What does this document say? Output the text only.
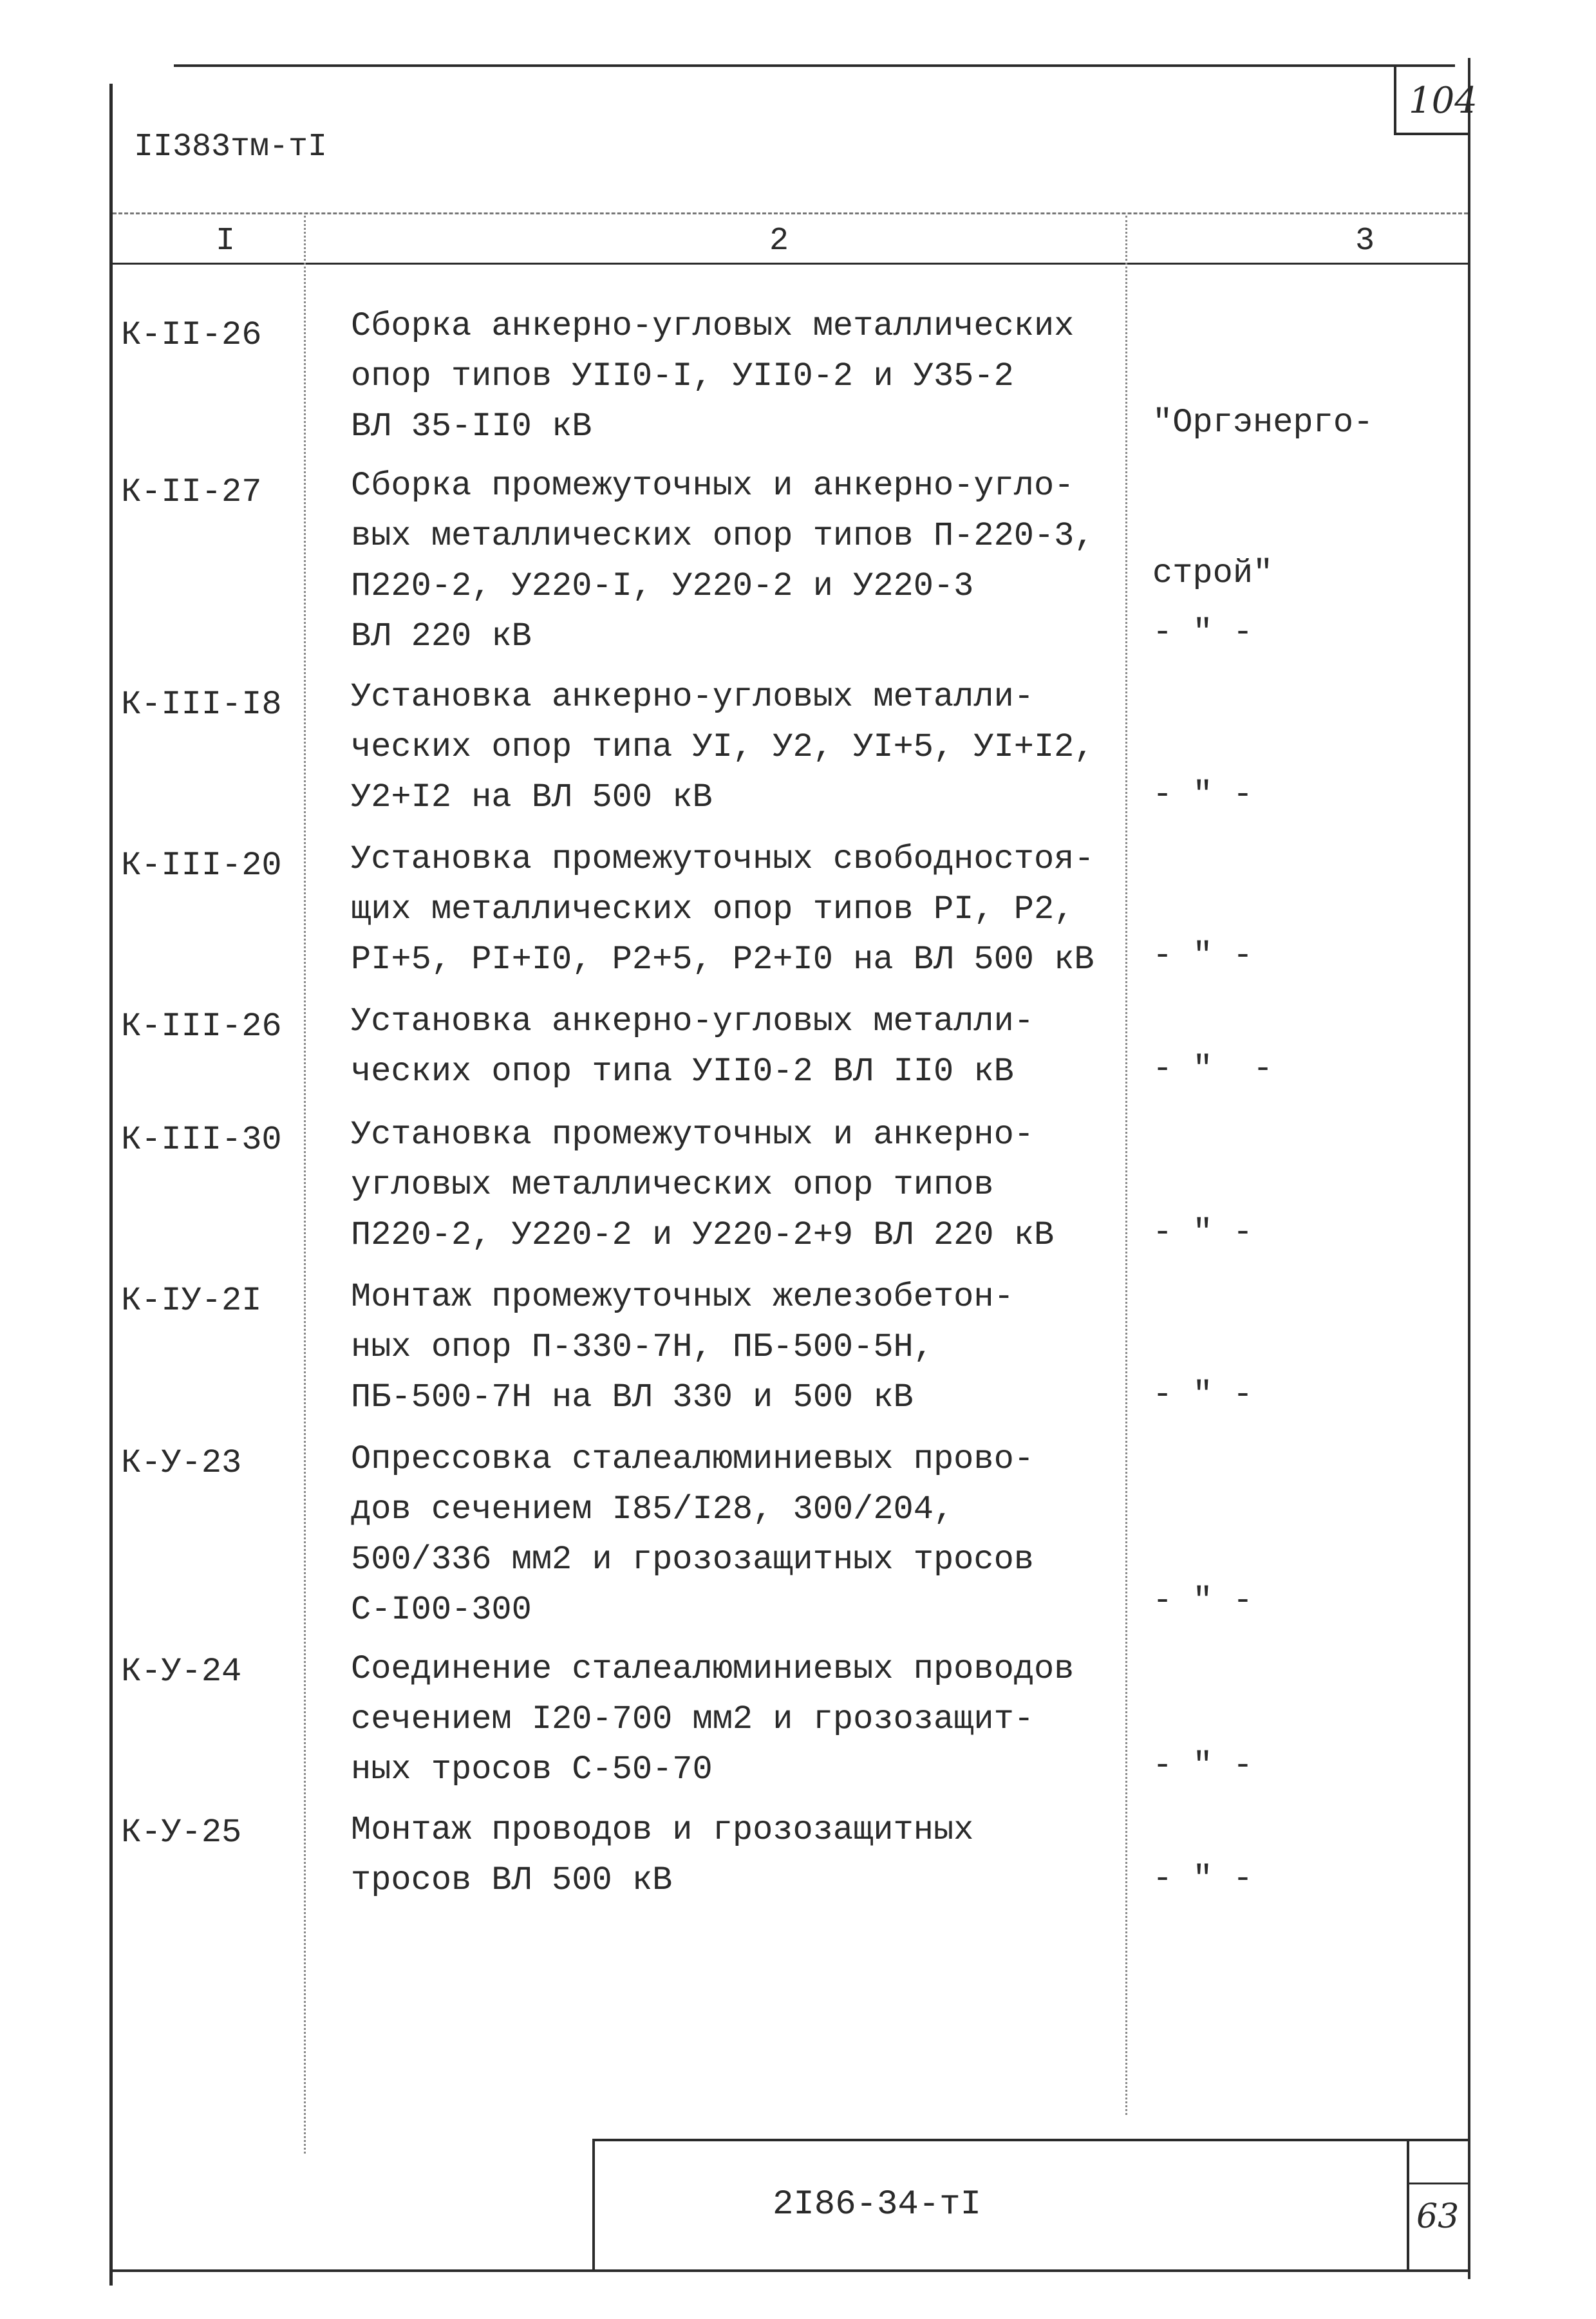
104
II383тм-тI
I	2	3
К-II-26	Сборка анкерно-угловых металлических
опор типов УII0-I, УII0-2 и У35-2
ВЛ 35-II0 кВ

	"Оргэнерго-

строй"

К-II-27	Сборка промежуточных и анкерно-угло-
вых металлических опор типов П-220-3,
П220-2, У220-I, У220-2 и У220-3
ВЛ 220 кВ	- " -
К-III-I8 Установка анкерно-угловых металли-
ческих опор типа УI, У2, УI+5, УI+I2,
У2+I2 на ВЛ 500 кВ	- " -
К-III-20 Установка промежуточных свободностоя-
щих металлических опор типов РI, Р2,
РI+5, РI+I0, Р2+5, Р2+I0 на ВЛ 500 кВ	- " -
К-III-26 Установка анкерно-угловых металли-
ческих опор типа УII0-2 ВЛ II0 кВ	- "  -
К-III-30 Установка промежуточных и анкерно-
угловых металлических опор типов
П220-2, У220-2 и У220-2+9 ВЛ 220 кВ	- " -
К-IУ-2I	Монтаж промежуточных железобетон-
ных опор П-330-7Н, ПБ-500-5Н,
ПБ-500-7Н на ВЛ 330 и 500 кВ	- " -
К-У-23	Опрессовка сталеалюминиевых прово-
дов сечением I85/I28, 300/204,
500/336 мм2 и грозозащитных тросов
С-I00-300	- " -
К-У-24	Соединение сталеалюминиевых проводов
сечением I20-700 мм2 и грозозащит-
ных тросов С-50-70	- " -
К-У-25	Монтаж проводов и грозозащитных
тросов ВЛ 500 кВ	- " -
2I86-34-тI	63
